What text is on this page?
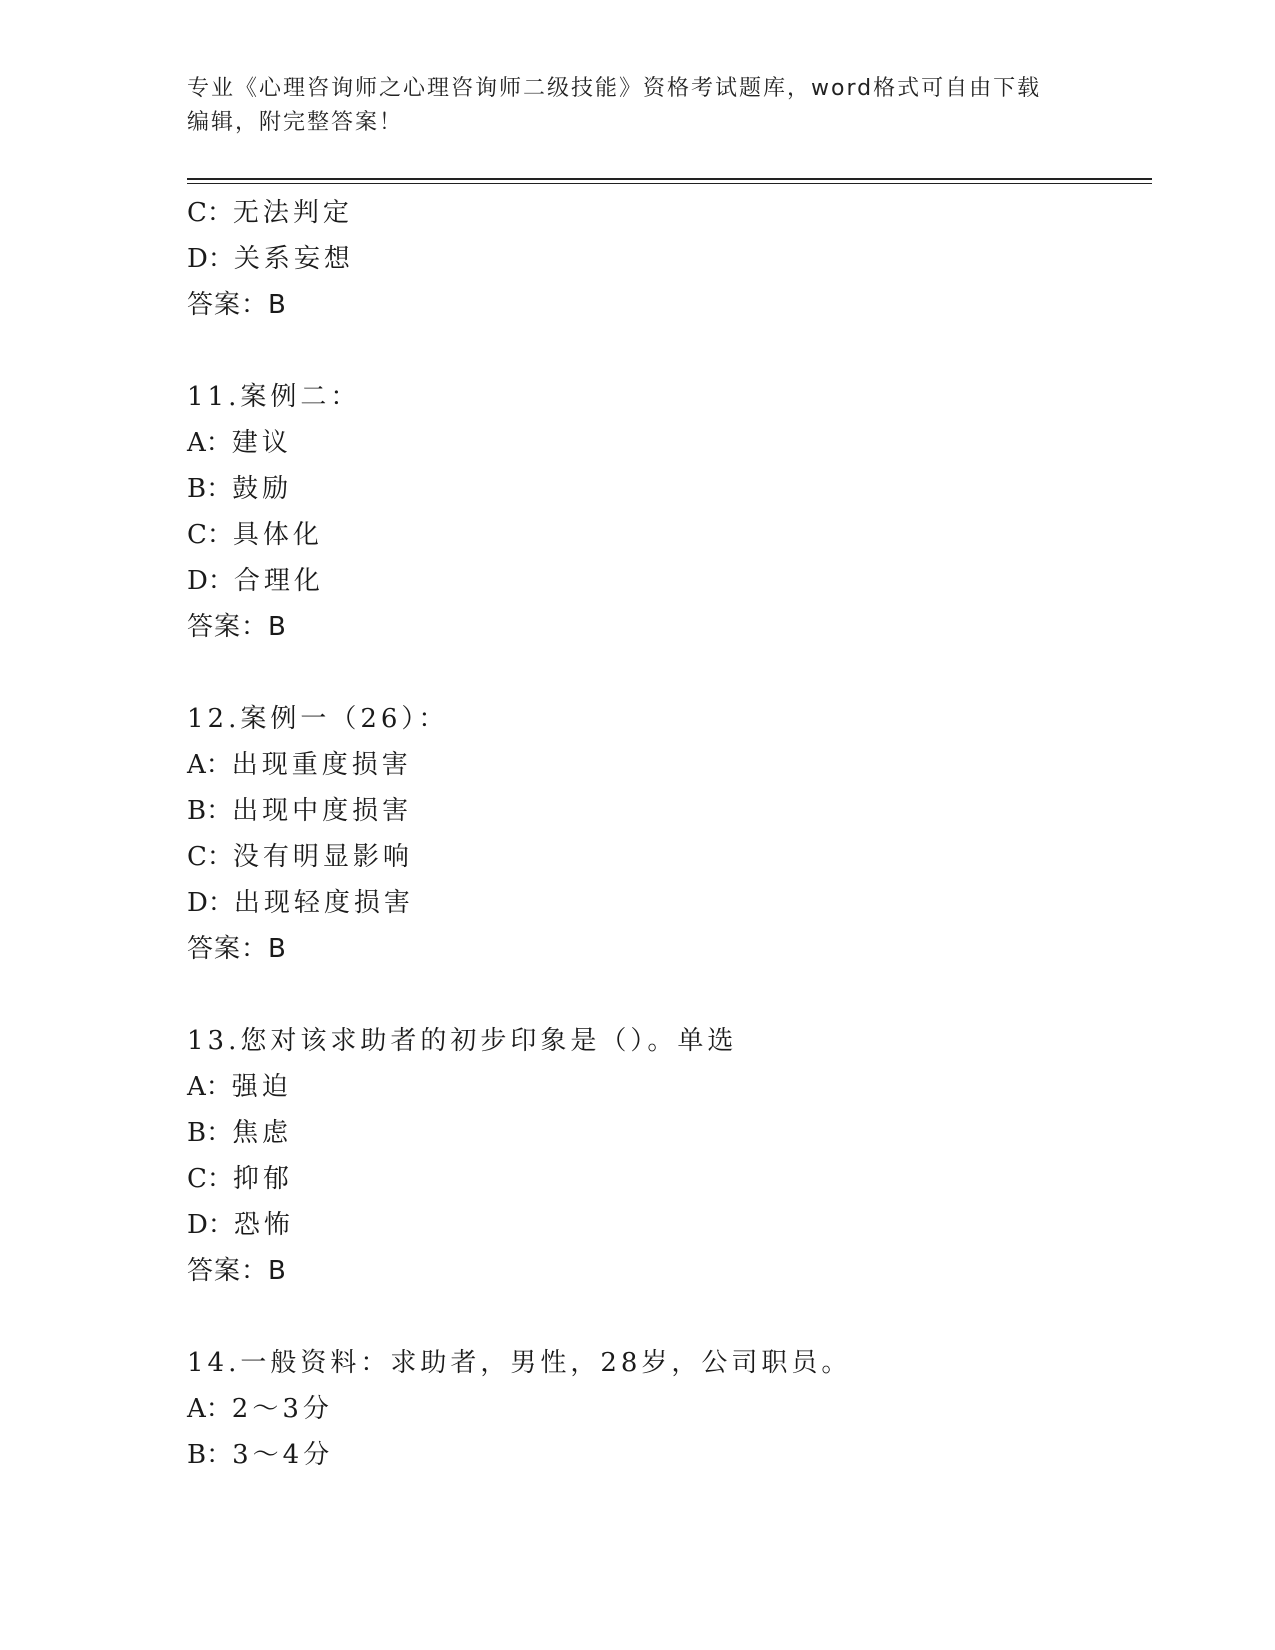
专业《心理咨询师之心理咨询师二级技能》资格考试题库，word格式可自由下载
编辑，附完整答案！
C：无法判定
D：关系妄想
答案：B
11.案例二：
A：建议
B：鼓励
C：具体化
D：合理化
答案：B
12.案例一（26）：
A：出现重度损害
B：出现中度损害
C：没有明显影响
D：出现轻度损害
答案：B
13.您对该求助者的初步印象是（）。单选
A：强迫
B：焦虑
C：抑郁
D：恐怖
答案：B
14.一般资料：求助者，男性，28岁，公司职员。
A：2～3分
B：3～4分
